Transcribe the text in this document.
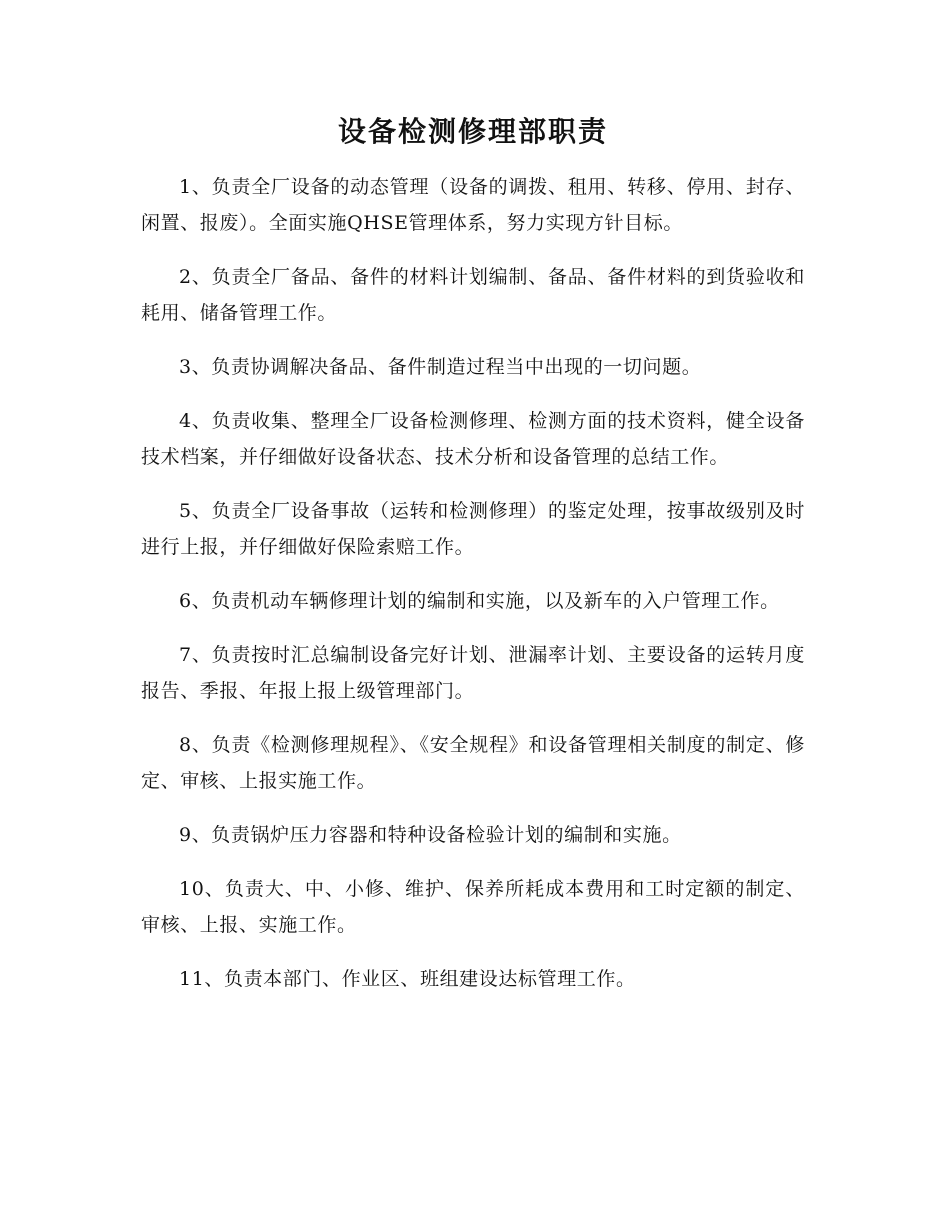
设备检测修理部职责

1、负责全厂设备的动态管理（设备的调拨、租用、转移、停用、封存、闲置、报废）。全面实施QHSE管理体系，努力实现方针目标。

2、负责全厂备品、备件的材料计划编制、备品、备件材料的到货验收和耗用、储备管理工作。

3、负责协调解决备品、备件制造过程当中出现的一切问题。

4、负责收集、整理全厂设备检测修理、检测方面的技术资料，健全设备技术档案，并仔细做好设备状态、技术分析和设备管理的总结工作。

5、负责全厂设备事故（运转和检测修理）的鉴定处理，按事故级别及时进行上报，并仔细做好保险索赔工作。

6、负责机动车辆修理计划的编制和实施，以及新车的入户管理工作。

7、负责按时汇总编制设备完好计划、泄漏率计划、主要设备的运转月度报告、季报、年报上报上级管理部门。

8、负责《检测修理规程》、《安全规程》和设备管理相关制度的制定、修定、审核、上报实施工作。

9、负责锅炉压力容器和特种设备检验计划的编制和实施。

10、负责大、中、小修、维护、保养所耗成本费用和工时定额的制定、审核、上报、实施工作。

11、负责本部门、作业区、班组建设达标管理工作。
